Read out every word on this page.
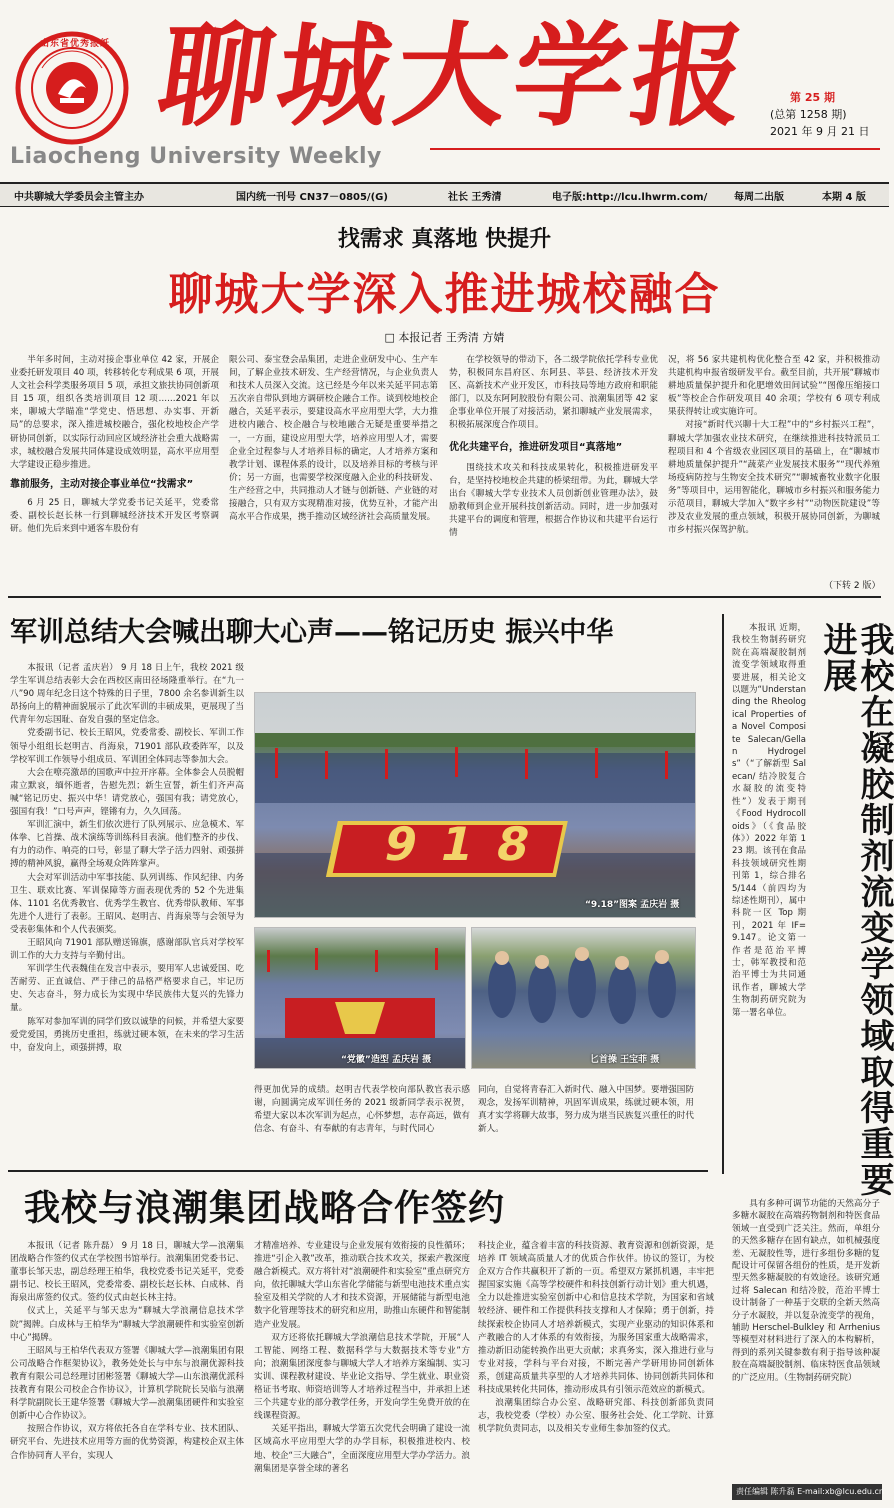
山东省优秀报纸 聊城大学报
Liaocheng University Weekly
第 25 期
(总第 1258 期)
2021 年 9 月 21 日
中共聊城大学委员会主管主办	国内统一刊号 CN37－0805/(G)	社长 王秀清	电子版:http://lcu.lhwrm.com/	每周二出版	本期 4 版
找需求 真落地 快提升
聊城大学深入推进城校融合
□ 本报记者 王秀清 方婧

半年多时间，主动对接企事业单位 42 家，开展企业委托研发项目 40 项，转移转化专利成果 6 项，开展人文社会科学类服务项目 5 项，承担文旅扶协同创新项目 15 项，组织各类培训项目 12 项……2021 年以来，聊城大学瞄准“学党史、悟思想、办实事、开新局”的总要求，深入推进城校融合，强化校地校企产学研协同创新，以实际行动回应区域经济社会重大战略需求，城校融合发展共同体建设成效明显，高水平应用型大学建设正稳步推进。

靠前服务，主动对接企事业单位“找需求”

6 月 25 日，聊城大学党委书记关延平，党委常委、副校长赵长林一行到聊城经济技术开发区考察调研。他们先后来到中通客车股份有

限公司、泰宝登会品集团，走进企业研发中心、生产车间，了解企业技术研发、生产经营情况，与企业负责人和技术人员深入交流。这已经是今年以来关延平同志第五次亲自带队到地方调研校企融合工作。谈到校地校企融合，关延平表示，要建设高水平应用型大学，大力推进校内融合、校企融合与校地融合无疑是重要举措之一，一方面，建设应用型大学，培养应用型人才，需要企业全过程参与人才培养目标的确定，人才培养方案和教学计划、课程体系的设计，以及培养目标的考核与评价；另一方面，也需要学校深度融入企业的科技研发、生产经营之中，共同推动人才链与创新链、产业链的对接融合，只有双方实现精准对接，优势互补，才能产出高水平合作成果，携手推动区域经济社会高质量发展。

在学校领导的带动下，各二级学院依托学科专业优势，积极同东昌府区、东阿县、莘县、经济技术开发区、高新技术产业开发区，市科技局等地方政府和职能部门，以及东阿阿胶股份有限公司、浪潮集团等 42 家企事业单位开展了对接活动，紧扣聊城产业发展需求，积极拓展深度合作项目。

优化共建平台，推进研发项目“真落地”

围绕技术攻关和科技成果转化，积极推进研发平台，是坚持校地校企共建的桥梁纽带。为此，聊城大学出台《聊城大学专业技术人员创新创业管理办法》，鼓励教师到企业开展科技创新活动。同时，进一步加强对共建平台的调度和管理，根据合作协议和共建平台运行情

况，将 56 家共建机构优化整合至 42 家，并积极推动共建机构申报省级研发平台。截至目前，共开展“聊城市耕地质量保护提升和化肥增效田间试验”“图像压缩接口板”等校企合作研发项目 40 余项；学校有 6 项专利成果获得转让或实施许可。

对接“新时代兴聊十大工程”中的“乡村振兴工程”，聊城大学加强农业技术研究，在继续推进科技特派员工程项目和 4 个省级农业园区项目的基础上，在“聊城市耕地质量保护提升”“蔬菜产业发展技术服务”“现代养殖场疫病防控与生物安全技术研究”“聊城畜牧业数字化服务”等项目中，运用智能化，聊城市乡村振兴和服务能力示范项目，聊城大学加入“数字乡村”“动物医院建设”等涉及农业发展的重点领域，积极开展协同创新，为聊城市乡村振兴保驾护航。

（下转 2 版）
军训总结大会喊出聊大心声——铭记历史 振兴中华

本报讯（记者 孟庆岩） 9 月 18 日上午，我校 2021 级学生军训总结表彰大会在西校区南田径场隆重举行。在“九一八”90 周年纪念日这个特殊的日子里，7800 余名参训新生以昂扬向上的精神面貌展示了此次军训的丰硕成果，更展现了当代青年勿忘国耻、奋发自强的坚定信念。

党委副书记、校长王昭风，党委常委、副校长、军训工作领导小组组长赵明吉、肖海泉，71901 部队政委阵军，以及学校军训工作领导小组成员、军训团全体同志等参加大会。

大会在嘹亮激昂的国歌声中拉开序幕。全体参会人员脱帽肃立默哀，缅怀逝者，告慰先烈；新生宣誓，新生们齐声高喊“铭记历史、振兴中华！请党放心，强国有我；请党放心，强国有我！”口号声声，铿锵有力，久久回荡。

军训汇演中，新生们依次进行了队列展示、应急模术、军体拳、匕首操、战术演练等训练科目表演。他们整齐的步伐、有力的动作、响亮的口号，彰显了聊大学子活力四射、顽强拼搏的精神风貌，赢得全场观众阵阵掌声。

大会对军训活动中军事技能、队列训练、作风纪律、内务卫生、联欢比赛、军训保障等方面表现优秀的 52 个先进集体、1101 名优秀教官、优秀学生教官、优秀带队教师、军事先进个人进行了表彰。王昭风、赵明吉、肖海泉等与会领导为受表彰集体和个人代表颁奖。

王昭风向 71901 部队赠送锦旗，感谢部队官兵对学校军训工作的大力支持与辛勤付出。

军训学生代表魏佳在发言中表示，要用军人忠诚爱国、吃苦耐劳、正直诚信、严于律己的品格严格要求自己，牢记历史、矢志奋斗，努力成长为实现中华民族伟大复兴的先锋力量。

陈军对参加军训的同学们致以诚挚的问候，并希望大家要爱党爱国，勇挑历史重担，练就过硬本领，在未来的学习生活中，奋发向上，顽强拼搏，取

918
“9.18”图案 孟庆岩 摄
“党徽”造型 孟庆岩 摄	匕首操 王宝菲 摄

得更加优异的成绩。赵明吉代表学校向部队教官表示感谢，向圆满完成军训任务的 2021 级新同学表示祝贺，希望大家以本次军训为起点，心怀梦想，志存高远，做有信念、有奋斗、有奉献的有志青年，与时代同心

同向，自觉将青春汇入新时代、融入中国梦。要增强国防观念，发扬军训精神，巩固军训成果，练就过硬本领，用真才实学将聊大故事，努力成为堪当民族复兴重任的时代新人。

本报讯 近期，我校生物制药研究院在高端凝胶制剂流变学领域取得重要进展，相关论文以题为“Understanding the Rheological Properties of a Novel Composite Salecan/Gellan Hydrogels”（“了解新型 Salecan/ 结冷胶复合水凝胶的流变特性”）发表于期刊《Food Hydrocolloids》（《食品胶体》）2022 年第 123 期。该刊在食品科技领域研究性期刊第 1，综合排名 5/144（前四均为综述性期刊），属中科院一区 Top 期刊，2021 年 IF=9.147。论文第一作者是范治平博士，韩军教授和范治平博士为共同通讯作者，聊城大学生物制药研究院为第一署名单位。	我校在凝胶制剂流变学领域取得重要进展

具有多种可调节功能的天然高分子多糖水凝胶在高端药物制剂和特医食品领域一直受到广泛关注。然而，单组分的天然多糖存在固有缺点，如机械强度差、无凝胶性等，进行多组份多糖的复配设计可保留各组份的性质，是开发新型天然多糖凝胶的有效途径。该研究通过将 Salecan 和结冷胶，范治平博士设计制备了一种基于交联的全新天然高分子水凝胶，并以复杂流变学的视角，辅助 Herschel-Bulkley 和 Arrhenius 等模型对材料进行了深入的本构解析，得到的系列关键参数有利于指导该种凝胶在高端凝胶制剂、临床特医食品领域的广泛应用。（生物制药研究院）

我校与浪潮集团战略合作签约

本报讯（记者 陈升磊） 9 月 18 日，聊城大学—浪潮集团战略合作签约仪式在学校图书馆举行。浪潮集团党委书记、董事长邹天忠，副总经理王柏华，我校党委书记关延平，党委副书记、校长王昭风，党委常委、副校长赵长林、白成林、肖海泉出席签约仪式。签约仪式由赵长林主持。

仪式上，关延平与邹天忠为“聊城大学浪潮信息技术学院”揭牌。白成林与王柏华为“聊城大学浪潮硬件和实验室创新中心”揭牌。

王昭风与王柏华代表双方签署《聊城大学—浪潮集团有限公司战略合作框架协议》，教务处处长与中东与浪潮优源科技教育有限公司总经理讨团彬签署《聊城大学—山东浪潮优派科技教育有限公司校企合作协议》，计算机学院院长吴临与浪潮科学院副院长王建华签署《聊城大学—浪潮集团硬件和实验室创新中心合作协议》。

按照合作协议，双方将依托各自在学科专业、技术团队、研究平台、先进技术应用等方面的优势资源，构建校企双主体合作协同育人平台，实现人

才精准培养、专业建设与企业发展有效衔接的良性循环；推进“引企入教”改革，推动联合技术攻关，探索产教深度融合新模式。双方将针对“浪潮硬件和实验室”重点研究方向，依托聊城大学山东省化学储能与新型电池技术重点实验室及相关学院的人才和技术资源，开展储能与新型电池数字化管理等技术的研究和应用，助推山东硬件和智能制造产业发展。

双方还将依托聊城大学浪潮信息技术学院，开展“人工智能、网络工程、数据科学与大数据技术等专业”方向；浪潮集团深度参与聊城大学人才培养方案编制、实习实训、课程教材建设、毕业论文指导、学生就业、职业资格证书考取、师资培训等人才培养过程当中，并承担上述三个共建专业的部分教学任务，开发向学生免费开放的在线课程资源。

关延平指出，聊城大学第五次党代会明确了建设一流区域高水平应用型大学的办学目标，积极推进校内、校地、校企“三大融合”，全面深度应用型大学办学活力。浪潮集团是享誉全球的著名

科技企业，蕴含着丰富的科技资源、教育资源和创新资源，是培养 IT 领域高质量人才的优质合作伙伴。协议的签订，为校企双方合作共赢积开了新的一页。希望双方紧抓机遇，丰牢把握国家实施《高等学校硬件和科技创新行动计划》重大机遇，全力以赴推进实验室创新中心和信息技术学院，为国家和省域较经济、硬件和工作提供科技支撑和人才保障；勇于创新，持续探索校企协同人才培养新模式，实现产业驱动的知识体系和产教融合的人才体系的有效衔接，为服务国家重大战略需求，推动新旧动能转换作出更大贡献；求真务实，深入推进行业与专业对接，学科与平台对接，不断完善产学研用协同创新体系，创建高质量共享型的人才培养共同体、协同创新共同体和科技成果转化共同体，推动形成具有引领示范效应的新模式。

浪潮集团综合办公室、战略研究部、科技创新部负责同志，我校党委（学校）办公室、服务社会处、化工学院、计算机学院负责同志，以及相关专业师生参加签约仪式。

责任编辑 陈升磊 E-mail:xb@lcu.edu.cn
